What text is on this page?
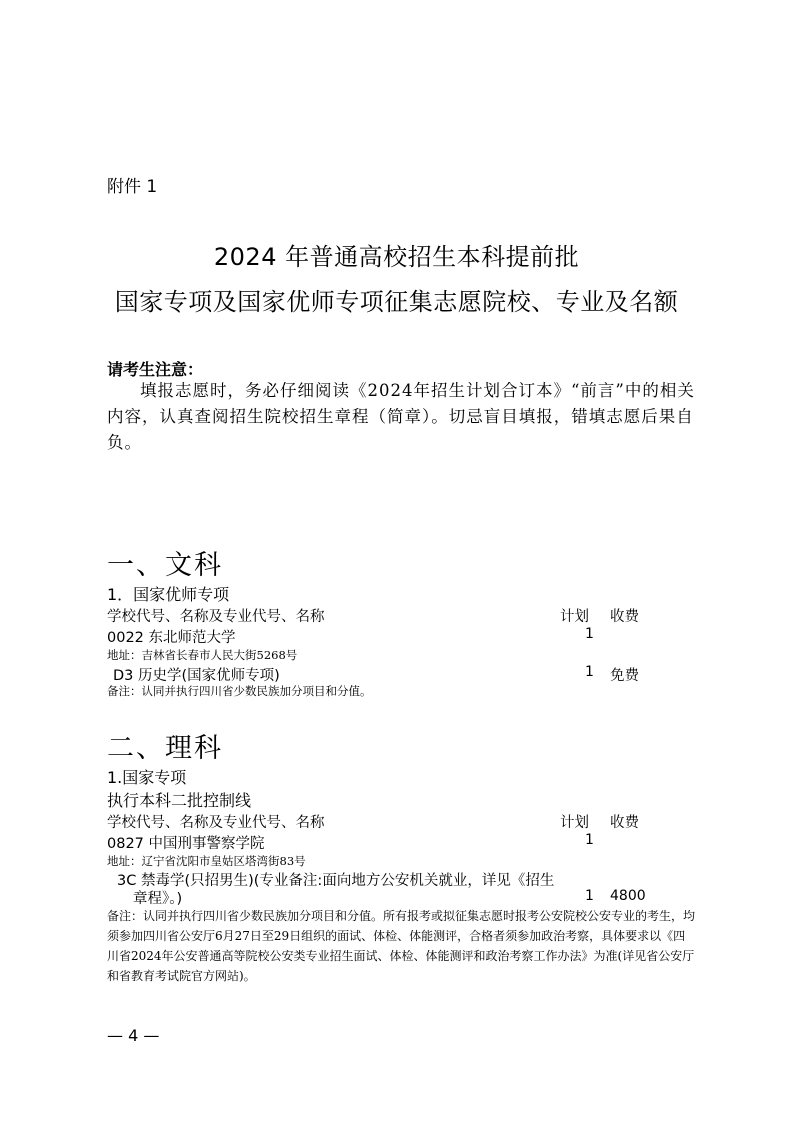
附件 1
2024 年普通高校招生本科提前批
国家专项及国家优师专项征集志愿院校、专业及名额
请考生注意：
填报志愿时，务必仔细阅读《2024年招生计划合订本》“前言”中的相关内容，认真查阅招生院校招生章程（简章）。切忌盲目填报，错填志愿后果自负。
一、文科
1．国家优师专项
学校代号、名称及专业代号、名称	计划 收费
0022 东北师范大学	1
地址：吉林省长春市人民大街5268号
D3 历史学(国家优师专项)	1 免费
备注：认同并执行四川省少数民族加分项目和分值。
二、理科
1.国家专项
执行本科二批控制线
学校代号、名称及专业代号、名称	计划 收费
0827 中国刑事警察学院	1
地址：辽宁省沈阳市皇姑区塔湾街83号
3C 禁毒学(只招男生)(专业备注:面向地方公安机关就业，详见《招生
章程》。)	1 4800
备注：认同并执行四川省少数民族加分项目和分值。所有报考或拟征集志愿时报考公安院校公安专业的考生，均须参加四川省公安厅6月27日至29日组织的面试、体检、体能测评，合格者须参加政治考察，具体要求以《四川省2024年公安普通高等院校公安类专业招生面试、体检、体能测评和政治考察工作办法》为准(详见省公安厅和省教育考试院官方网站)。
— 4 —
